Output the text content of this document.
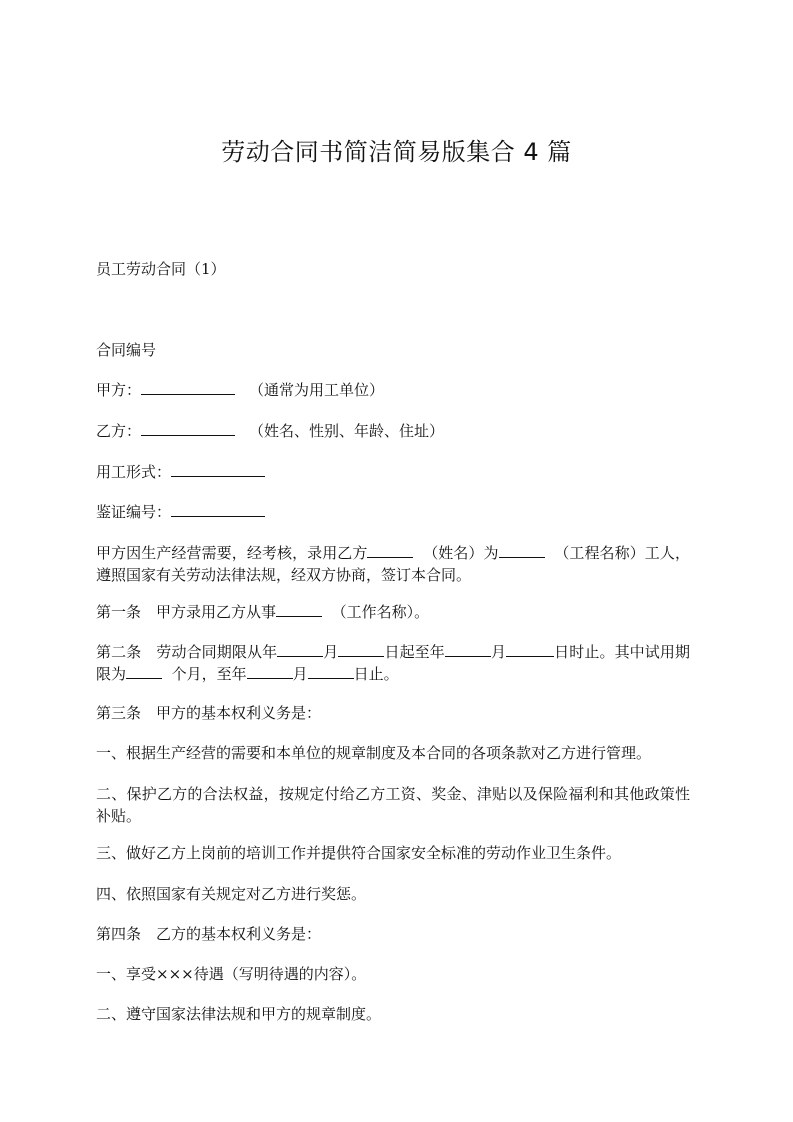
劳动合同书简洁简易版集合 4 篇
员工劳动合同（1）
合同编号
甲方：	（通常为用工单位）
乙方：	（姓名、性别、年龄、住址）
用工形式：
鉴证编号：
甲方因生产经营需要，经考核，录用乙方	（姓名）为	（工程名称）工人，遵照国家有关劳动法律法规，经双方协商，签订本合同。
第一条　甲方录用乙方从事	（工作名称）。
第二条　劳动合同期限从年	月	日起至年	月	日时止。其中试用期限为	个月，至年	月	日止。
第三条　甲方的基本权利义务是：
一、根据生产经营的需要和本单位的规章制度及本合同的各项条款对乙方进行管理。
二、保护乙方的合法权益，按规定付给乙方工资、奖金、津贴以及保险福利和其他政策性补贴。
三、做好乙方上岗前的培训工作并提供符合国家安全标准的劳动作业卫生条件。
四、依照国家有关规定对乙方进行奖惩。
第四条　乙方的基本权利义务是：
一、享受×××待遇（写明待遇的内容）。
二、遵守国家法律法规和甲方的规章制度。
